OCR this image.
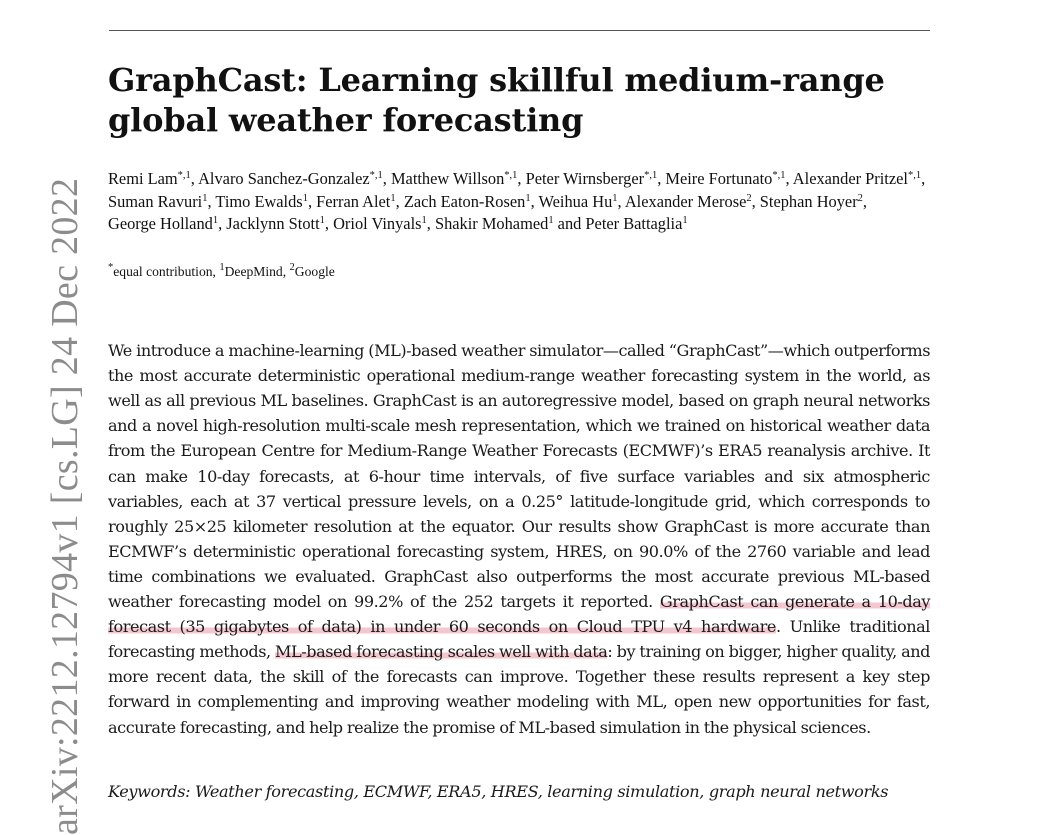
GraphCast: Learning skillful medium-range global weather forecasting
Remi Lam$^{*,1}$, Alvaro Sanchez-Gonzalez$^{*,1}$, Matthew Willson$^{*,1}$, Peter Wirnsberger$^{*,1}$, Meire Fortunato$^{*,1}$, Alexander Pritzel$^{*,1}$, Suman Ravuri$^1$, Timo Ewalds$^1$, Ferran Alet$^1$, Zach Eaton-Rosen$^1$, Weihua Hu$^1$, Alexander Merose$^2$, Stephan Hoyer$^2$, George Holland$^1$, Jacklynn Stott$^1$, Oriol Vinyals$^1$, Shakir Mohamed$^1$ and Peter Battaglia$^1$
*equal contribution, $^1$DeepMind, $^2$Google

We introduce a machine-learning (ML)-based weather simulator—called “GraphCast”—which outperforms the most accurate deterministic operational medium-range weather forecasting system in the world, as well as all previous ML baselines. GraphCast is an autoregressive model, based on graph neural networks and a novel high-resolution multi-scale mesh representation, which we trained on historical weather data from the European Centre for Medium-Range Weather Forecasts (ECMWF)’s ERA5 reanalysis archive. It can make 10-day forecasts, at 6-hour time intervals, of five surface variables and six atmospheric variables, each at 37 vertical pressure levels, on a 0.25° latitude-longitude grid, which corresponds to roughly 25×25 kilometer resolution at the equator. Our results show GraphCast is more accurate than ECMWF’s deterministic operational forecasting system, HRES, on 90.0% of the 2760 variable and lead time combinations we evaluated. GraphCast also outperforms the most accurate previous ML-based weather forecasting model on 99.2% of the 252 targets it reported. GraphCast can generate a 10-day forecast (35 gigabytes of data) in under 60 seconds on Cloud TPU v4 hardware. Unlike traditional forecasting methods, ML-based forecasting scales well with data: by training on bigger, higher quality, and more recent data, the skill of the forecasts can improve. Together these results represent a key step forward in complementing and improving weather modeling with ML, open new opportunities for fast, accurate forecasting, and help realize the promise of ML-based simulation in the physical sciences.

Keywords: Weather forecasting, ECMWF, ERA5, HRES, learning simulation, graph neural networks
arXiv:2212.12794v1 [cs.LG] 24 Dec 2022
